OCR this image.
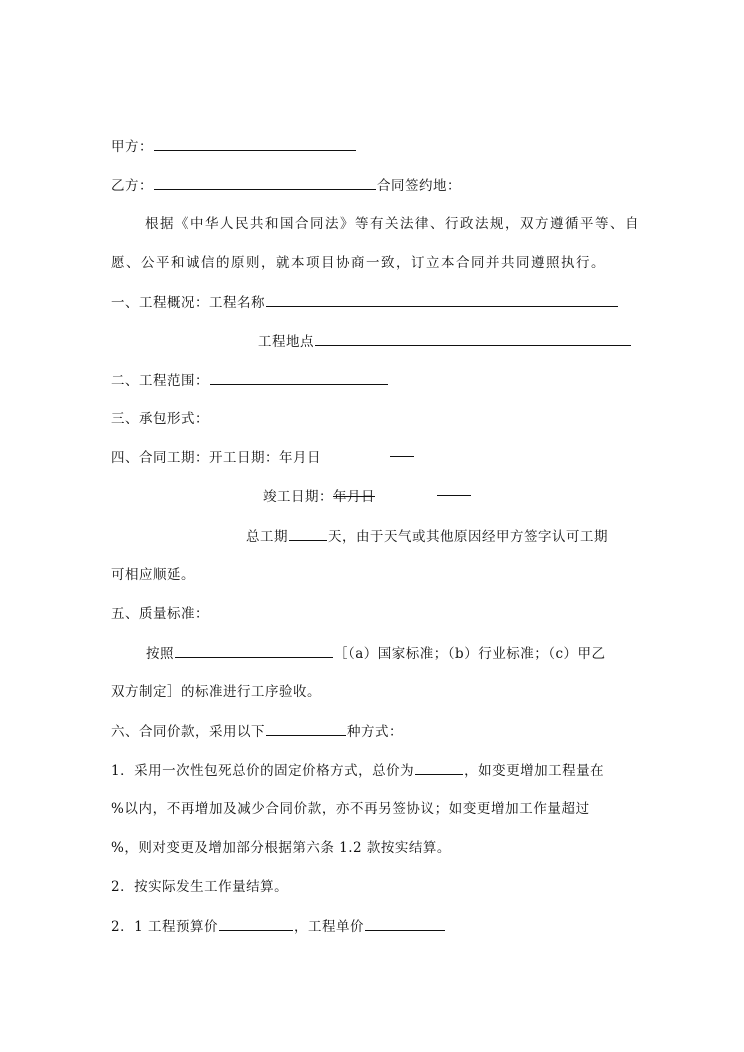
甲方：
乙方：	合同签约地：
根据《中华人民共和国合同法》等有关法律、行政法规，双方遵循平等、自
愿、公平和诚信的原则，就本项目协商一致，订立本合同并共同遵照执行。
一、工程概况：工程名称
工程地点
二、工程范围：
三、承包形式：
四、合同工期：开工日期：年月日
竣工日期：年月日
总工期	天，由于天气或其他原因经甲方签字认可工期
可相应顺延。
五、质量标准：
按照	［（a）国家标准；（b）行业标准；（c）甲乙
双方制定］的标准进行工序验收。
六、合同价款，采用以下	种方式：
1．采用一次性包死总价的固定价格方式，总价为	，如变更增加工程量在
%以内，不再增加及减少合同价款，亦不再另签协议；如变更增加工作量超过
%，则对变更及增加部分根据第六条 1.2 款按实结算。
2．按实际发生工作量结算。
2．1 工程预算价	，工程单价
